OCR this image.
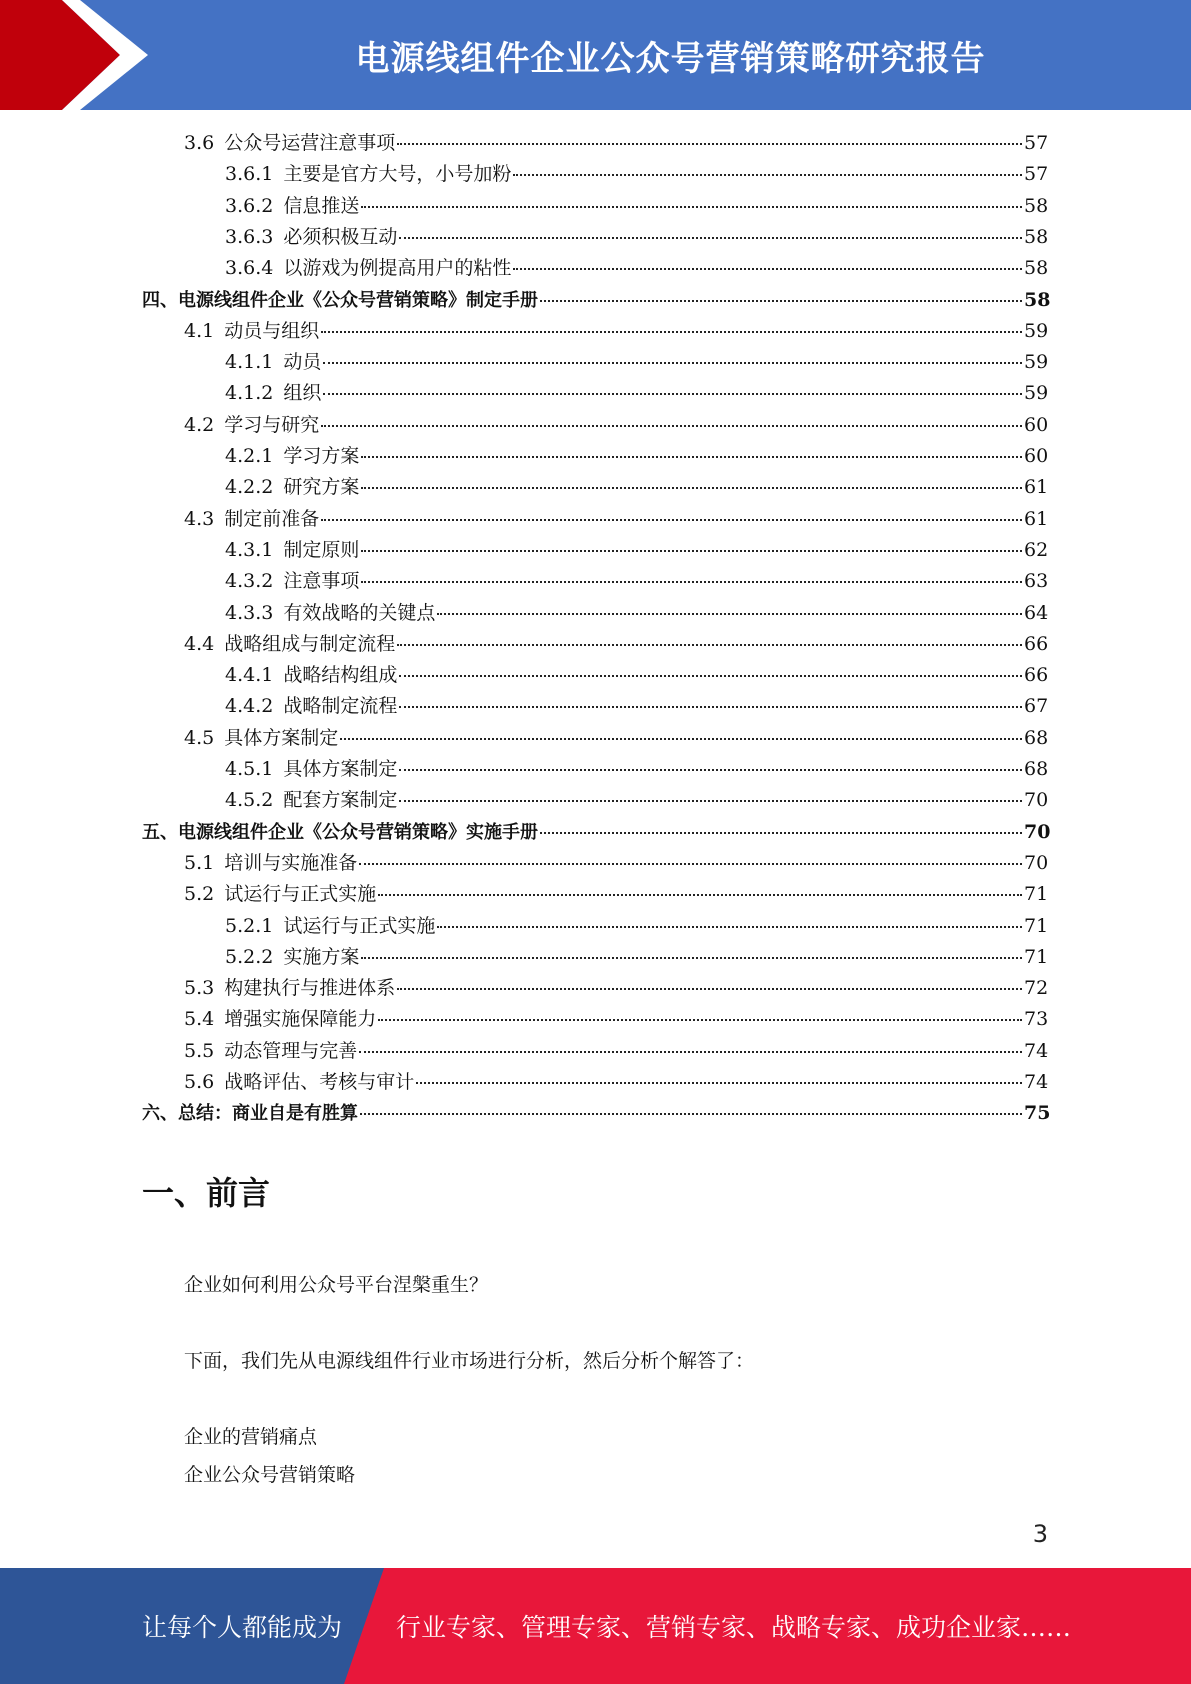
电源线组件企业公众号营销策略研究报告
3.6 公众号运营注意事项	57
3.6.1 主要是官方大号，小号加粉	57
3.6.2 信息推送	58
3.6.3 必须积极互动	58
3.6.4 以游戏为例提高用户的粘性	58
四、电源线组件企业《公众号营销策略》制定手册	58
4.1 动员与组织	59
4.1.1 动员	59
4.1.2 组织	59
4.2 学习与研究	60
4.2.1 学习方案	60
4.2.2 研究方案	61
4.3 制定前准备	61
4.3.1 制定原则	62
4.3.2 注意事项	63
4.3.3 有效战略的关键点	64
4.4 战略组成与制定流程	66
4.4.1 战略结构组成	66
4.4.2 战略制定流程	67
4.5 具体方案制定	68
4.5.1 具体方案制定	68
4.5.2 配套方案制定	70
五、电源线组件企业《公众号营销策略》实施手册	70
5.1 培训与实施准备	70
5.2 试运行与正式实施	71
5.2.1 试运行与正式实施	71
5.2.2 实施方案	71
5.3 构建执行与推进体系	72
5.4 增强实施保障能力	73
5.5 动态管理与完善	74
5.6 战略评估、考核与审计	74
六、总结：商业自是有胜算	75
一、前言
企业如何利用公众号平台涅槃重生？
下面，我们先从电源线组件行业市场进行分析，然后分析个解答了：
企业的营销痛点
企业公众号营销策略
3
让每个人都能成为 行业专家、管理专家、营销专家、战略专家、成功企业家……
